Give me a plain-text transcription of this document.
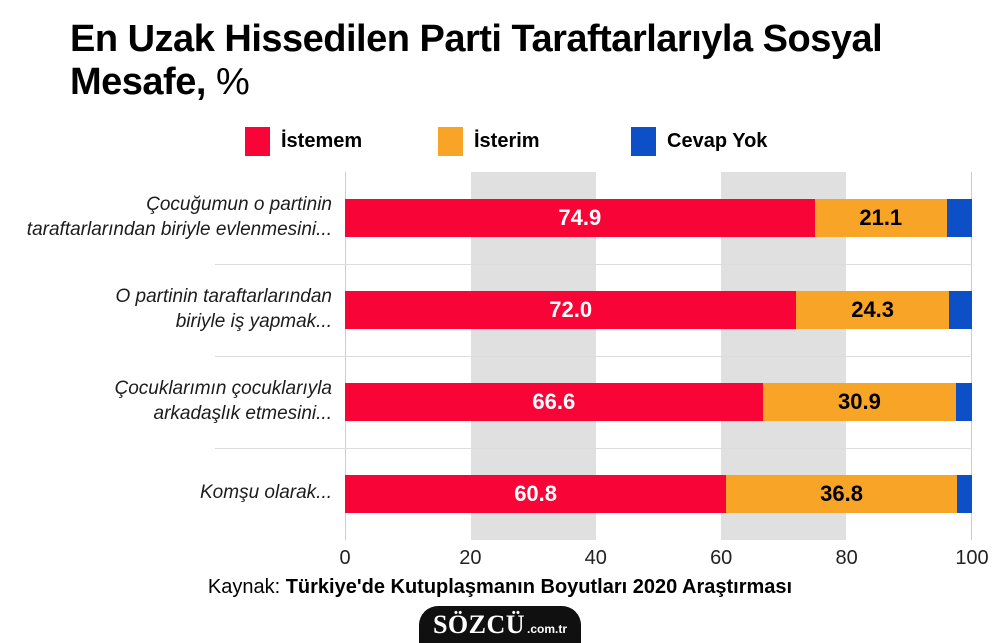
En Uzak Hissedilen Parti Taraftarlarıyla Sosyal Mesafe, %
İstemem	İsterim	Cevap Yok
Çocuğumun o partinin
taraftarlarından biriyle evlenmesini...	74.9	21.1
O partinin taraftarlarından
biriyle iş yapmak...	72.0	24.3
Çocuklarımın çocuklarıyla
arkadaşlık etmesini...	66.6	30.9
Komşu olarak...	60.8	36.8
0	20	40	60	80	100
Kaynak: Türkiye'de Kutuplaşmanın Boyutları 2020 Araştırması
SÖZCÜ .com.tr
